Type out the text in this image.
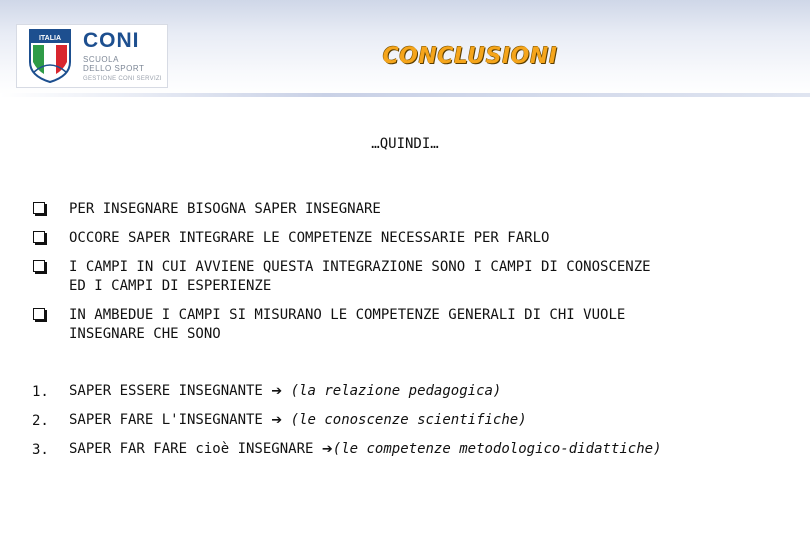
ITALIA CONI
SCUOLA
DELLO SPORT
GESTIONE CONI SERVIZI
CONCLUSIONI
…QUINDI…
PER INSEGNARE BISOGNA SAPER INSEGNARE
OCCORE SAPER INTEGRARE LE COMPETENZE NECESSARIE PER FARLO
I CAMPI IN CUI AVVIENE QUESTA INTEGRAZIONE SONO I CAMPI DI CONOSCENZE
ED I CAMPI DI ESPERIENZE
IN AMBEDUE I CAMPI SI MISURANO LE COMPETENZE GENERALI DI CHI VUOLE
INSEGNARE CHE SONO
1. SAPER ESSERE INSEGNANTE ➔ (la relazione pedagogica)
2. SAPER FARE L'INSEGNANTE ➔ (le conoscenze scientifiche)
3. SAPER FAR FARE cioè INSEGNARE ➔(le competenze metodologico-didattiche)
